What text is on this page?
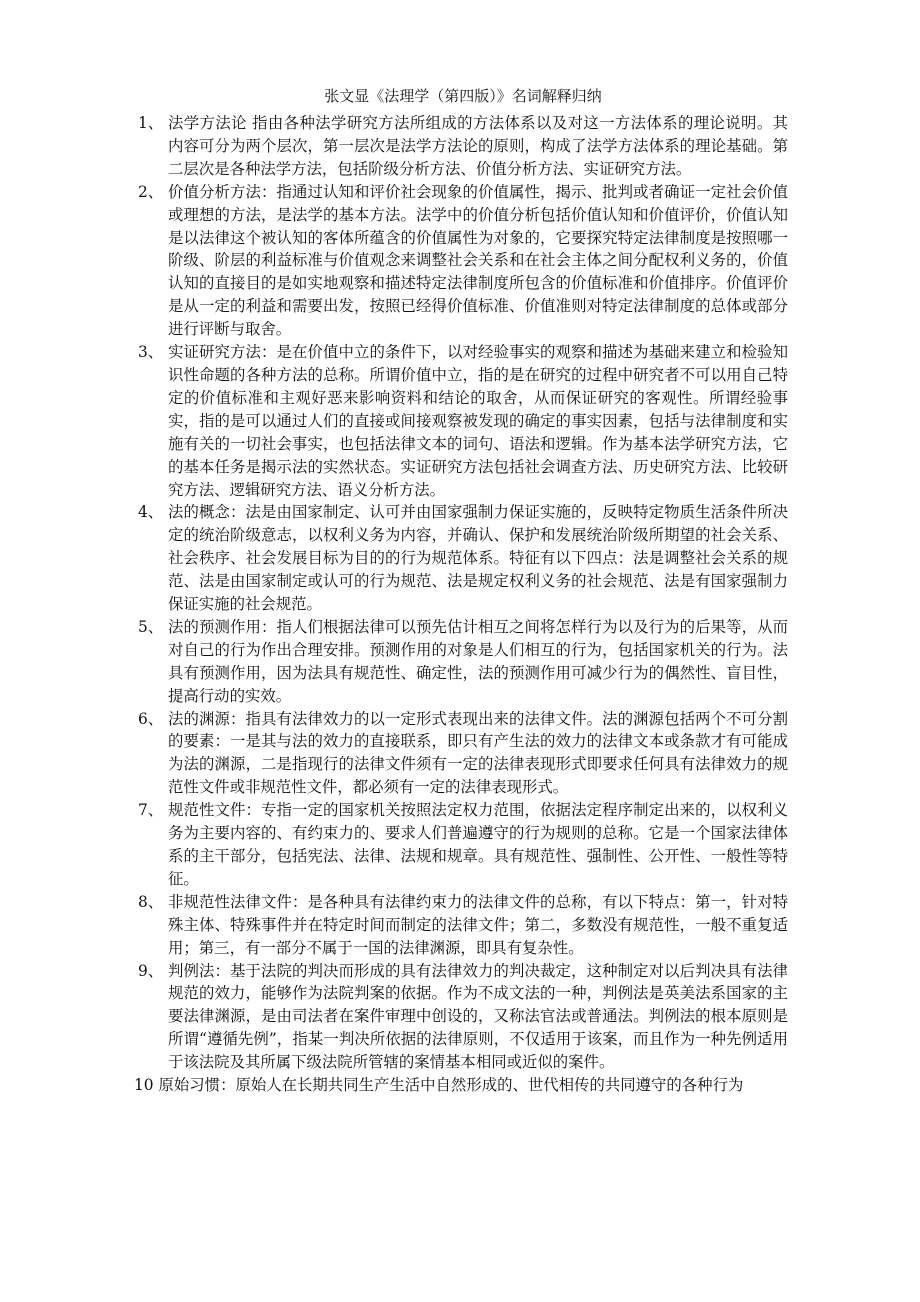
张文显《法理学（第四版）》名词解释归纳
1、 法学方法论 指由各种法学研究方法所组成的方法体系以及对这一方法体系的理论说明。其内容可分为两个层次，第一层次是法学方法论的原则，构成了法学方法体系的理论基础。第二层次是各种法学方法，包括阶级分析方法、价值分析方法、实证研究方法。
2、 价值分析方法：指通过认知和评价社会现象的价值属性，揭示、批判或者确证一定社会价值或理想的方法，是法学的基本方法。法学中的价值分析包括价值认知和价值评价，价值认知是以法律这个被认知的客体所蕴含的价值属性为对象的，它要探究特定法律制度是按照哪一阶级、阶层的利益标准与价值观念来调整社会关系和在社会主体之间分配权利义务的，价值认知的直接目的是如实地观察和描述特定法律制度所包含的价值标准和价值排序。价值评价是从一定的利益和需要出发，按照已经得价值标准、价值准则对特定法律制度的总体或部分进行评断与取舍。
3、 实证研究方法：是在价值中立的条件下，以对经验事实的观察和描述为基础来建立和检验知识性命题的各种方法的总称。所谓价值中立，指的是在研究的过程中研究者不可以用自己特定的价值标准和主观好恶来影响资料和结论的取舍，从而保证研究的客观性。所谓经验事实，指的是可以通过人们的直接或间接观察被发现的确定的事实因素，包括与法律制度和实施有关的一切社会事实，也包括法律文本的词句、语法和逻辑。作为基本法学研究方法，它的基本任务是揭示法的实然状态。实证研究方法包括社会调查方法、历史研究方法、比较研究方法、逻辑研究方法、语义分析方法。
4、 法的概念：法是由国家制定、认可并由国家强制力保证实施的，反映特定物质生活条件所决定的统治阶级意志，以权利义务为内容，并确认、保护和发展统治阶级所期望的社会关系、社会秩序、社会发展目标为目的的行为规范体系。特征有以下四点：法是调整社会关系的规范、法是由国家制定或认可的行为规范、法是规定权利义务的社会规范、法是有国家强制力保证实施的社会规范。
5、 法的预测作用：指人们根据法律可以预先估计相互之间将怎样行为以及行为的后果等，从而对自己的行为作出合理安排。预测作用的对象是人们相互的行为，包括国家机关的行为。法具有预测作用，因为法具有规范性、确定性，法的预测作用可减少行为的偶然性、盲目性，提高行动的实效。
6、 法的渊源：指具有法律效力的以一定形式表现出来的法律文件。法的渊源包括两个不可分割的要素：一是其与法的效力的直接联系，即只有产生法的效力的法律文本或条款才有可能成为法的渊源，二是指现行的法律文件须有一定的法律表现形式即要求任何具有法律效力的规范性文件或非规范性文件，都必须有一定的法律表现形式。
7、 规范性文件：专指一定的国家机关按照法定权力范围，依据法定程序制定出来的，以权利义务为主要内容的、有约束力的、要求人们普遍遵守的行为规则的总称。它是一个国家法律体系的主干部分，包括宪法、法律、法规和规章。具有规范性、强制性、公开性、一般性等特征。
8、 非规范性法律文件：是各种具有法律约束力的法律文件的总称，有以下特点：第一，针对特殊主体、特殊事件并在特定时间而制定的法律文件；第二，多数没有规范性，一般不重复适用；第三，有一部分不属于一国的法律渊源，即具有复杂性。
9、 判例法：基于法院的判决而形成的具有法律效力的判决裁定，这种制定对以后判决具有法律规范的效力，能够作为法院判案的依据。作为不成文法的一种，判例法是英美法系国家的主要法律渊源，是由司法者在案件审理中创设的，又称法官法或普通法。判例法的根本原则是所谓“遵循先例”，指某一判决所依据的法律原则，不仅适用于该案，而且作为一种先例适用于该法院及其所属下级法院所管辖的案情基本相同或近似的案件。
10 原始习惯：原始人在长期共同生产生活中自然形成的、世代相传的共同遵守的各种行为
